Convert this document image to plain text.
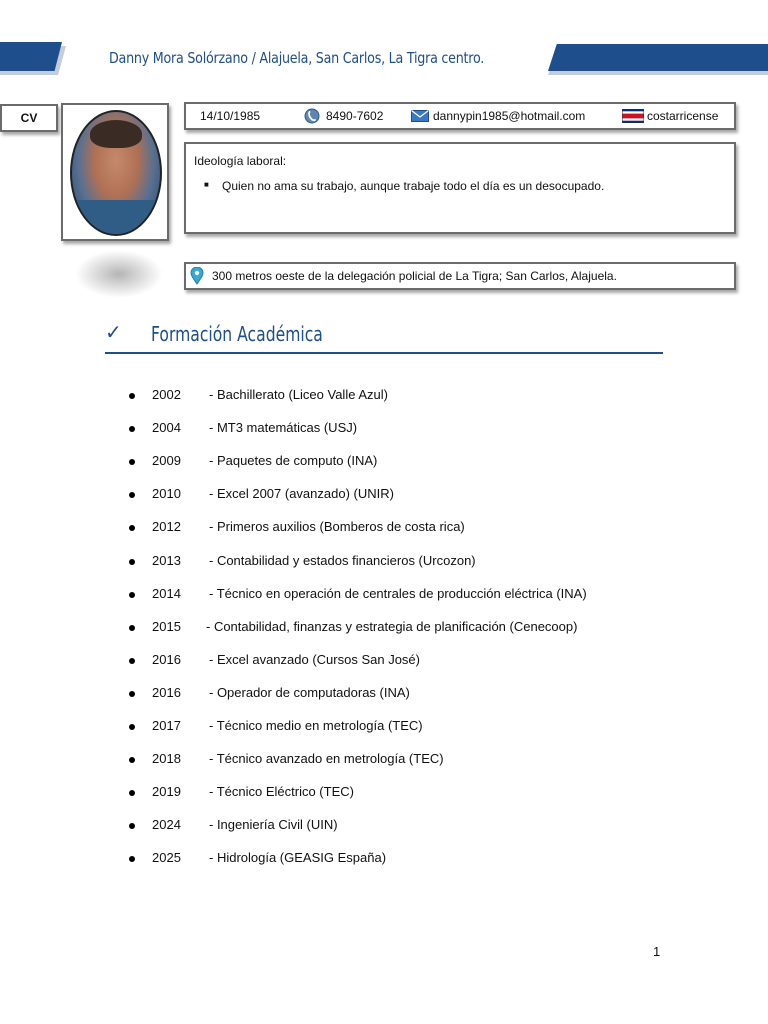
Danny Mora Solórzano / Alajuela, San Carlos, La Tigra centro.
CV	14/10/1985	8490-7602	dannypin1985@hotmail.com	costarricense
Ideología laboral:
■ Quien no ama su trabajo, aunque trabaje todo el día es un desocupado.
300 metros oeste de la delegación policial de La Tigra; San Carlos, Alajuela.
✓ Formación Académica
2002 - Bachillerato (Liceo Valle Azul)
2004 - MT3 matemáticas (USJ)
2009 - Paquetes de computo (INA)
2010 - Excel 2007 (avanzado) (UNIR)
2012 - Primeros auxilios (Bomberos de costa rica)
2013 - Contabilidad y estados financieros (Urcozon)
2014 - Técnico en operación de centrales de producción eléctrica (INA)
2015 - Contabilidad, finanzas y estrategia de planificación (Cenecoop)
2016 - Excel avanzado (Cursos San José)
2016 - Operador de computadoras (INA)
2017 - Técnico medio en metrología (TEC)
2018 - Técnico avanzado en metrología (TEC)
2019 - Técnico Eléctrico (TEC)
2024 - Ingeniería Civil (UIN)
2025 - Hidrología (GEASIG España)
1
